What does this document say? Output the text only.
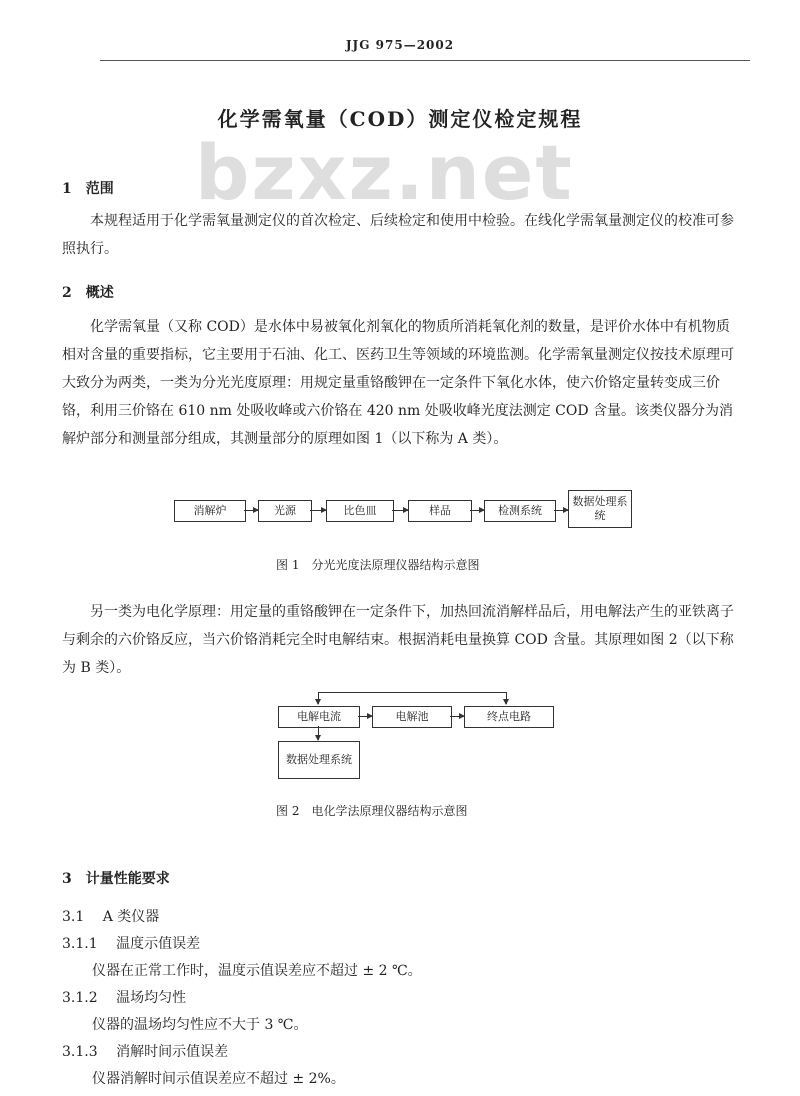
JJG 975—2002
化学需氧量（COD）测定仪检定规程
bzxz.net
1　范围
本规程适用于化学需氧量测定仪的首次检定、后续检定和使用中检验。在线化学需氧量测定仪的校准可参照执行。
2　概述
化学需氧量（又称 COD）是水体中易被氧化剂氧化的物质所消耗氧化剂的数量，是评价水体中有机物质相对含量的重要指标，它主要用于石油、化工、医药卫生等领域的环境监测。化学需氧量测定仪按技术原理可大致分为两类，一类为分光光度原理：用规定量重铬酸钾在一定条件下氧化水体，使六价铬定量转变成三价铬，利用三价铬在 610 nm 处吸收峰或六价铬在 420 nm 处吸收峰光度法测定 COD 含量。该类仪器分为消解炉部分和测量部分组成，其测量部分的原理如图 1（以下称为 A 类）。
消解炉	光源	比色皿	样品	检测系统
数据处理系统
图 1　分光光度法原理仪器结构示意图
另一类为电化学原理：用定量的重铬酸钾在一定条件下，加热回流消解样品后，用电解法产生的亚铁离子与剩余的六价铬反应，当六价铬消耗完全时电解结束。根据消耗电量换算 COD 含量。其原理如图 2（以下称为 B 类）。
电解电流	电解池	终点电路
数据处理系统
图 2　电化学法原理仪器结构示意图
3　计量性能要求
3.1 A 类仪器
3.1.1 温度示值误差
仪器在正常工作时，温度示值误差应不超过 ± 2 ℃。
3.1.2 温场均匀性
仪器的温场均匀性应不大于 3 ℃。
3.1.3 消解时间示值误差
仪器消解时间示值误差应不超过 ± 2%。
